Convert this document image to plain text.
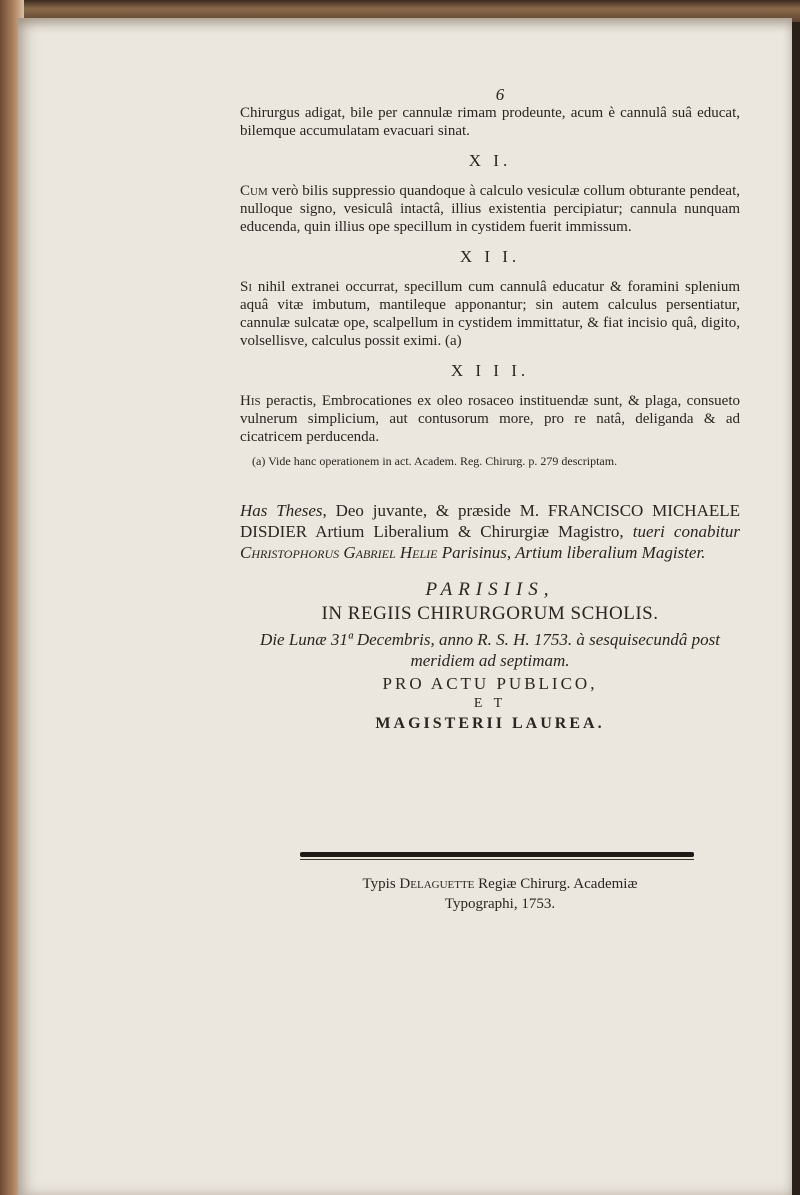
6

Chirurgus adigat, bile per cannulæ rimam prodeunte, acum è cannulâ suâ educat, bilemque accumulatam evacuari sinat.

X I.

Cum verò bilis suppressio quandoque à calculo vesiculæ collum obturante pendeat, nulloque signo, vesiculâ intactâ, illius existentia percipiatur; cannula nunquam educenda, quin illius ope specillum in cystidem fuerit immissum.

X I I.

Si nihil extranei occurrat, specillum cum cannulâ educatur & foramini splenium aquâ vitæ imbutum, mantileque apponantur; sin autem calculus persentiatur, cannulæ sulcatæ ope, scalpellum in cystidem immittatur, & fiat incisio quâ, digito, volsellisve, calculus possit eximi. (a)

X I I I.

His peractis, Embrocationes ex oleo rosaceo instituendæ sunt, & plaga, consueto vulnerum simplicium, aut contusorum more, pro re natâ, deliganda & ad cicatricem perducenda.

(a) Vide hanc operationem in act. Academ. Reg. Chirurg. p. 279 descriptam.

Has Theses, Deo juvante, & præside M. FRANCISCO MICHAELE DISDIER Artium Liberalium & Chirurgiæ Magistro, tueri conabitur Christophorus Gabriel Helie Parisinus, Artium liberalium Magister.

PARISIIS,
IN REGIIS CHIRURGORUM SCHOLIS.
Die Lunæ 31ª Decembris, anno R. S. H. 1753. à sesquisecundâ post meridiem ad septimam.
PRO ACTU PUBLICO,
E T
MAGISTERII LAUREA.
Typis Delaguette Regiæ Chirurg. Academiæ
Typographi, 1753.
